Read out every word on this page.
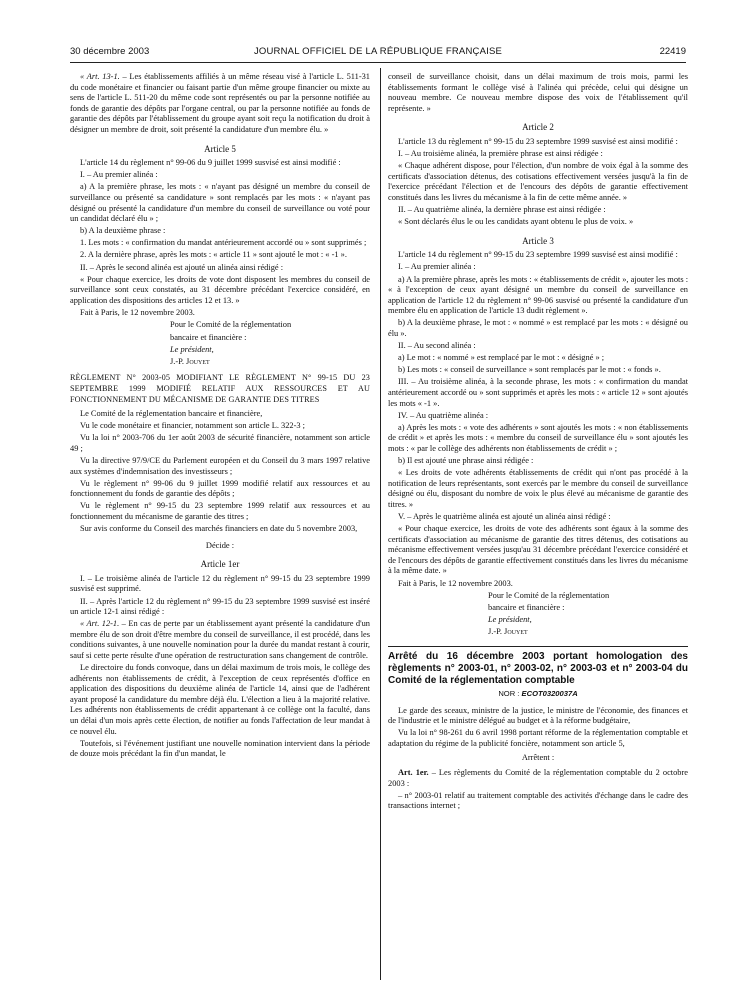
30 décembre 2003	JOURNAL OFFICIEL DE LA RÉPUBLIQUE FRANÇAISE	22419

« Art. 13-1. – Les établissements affiliés à un même réseau visé à l'article L. 511-31 du code monétaire et financier ou faisant partie d'un même groupe financier ou mixte au sens de l'article L. 511-20 du même code sont représentés ou par la personne notifiée au fonds de garantie des dépôts par l'organe central, ou par la personne notifiée au fonds de garantie des dépôts par l'établissement du groupe ayant soit reçu la notification du droit à désigner un membre de droit, soit présenté la candidature d'un membre élu. »

Article 5

L'article 14 du règlement n° 99-06 du 9 juillet 1999 susvisé est ainsi modifié :

I. – Au premier alinéa :

a) A la première phrase, les mots : « n'ayant pas désigné un membre du conseil de surveillance ou présenté sa candidature » sont remplacés par les mots : « n'ayant pas désigné ou présenté la candidature d'un membre du conseil de surveillance ou voté pour un candidat déclaré élu » ;

b) A la deuxième phrase :

1. Les mots : « confirmation du mandat antérieurement accordé ou » sont supprimés ;

2. A la dernière phrase, après les mots : « article 11 » sont ajouté le mot : « -1 ».

II. – Après le second alinéa est ajouté un alinéa ainsi rédigé :

« Pour chaque exercice, les droits de vote dont disposent les membres du conseil de surveillance sont ceux constatés, au 31 décembre précédant l'exercice considéré, en application des dispositions des articles 12 et 13. »

Fait à Paris, le 12 novembre 2003.

Pour le Comité de la réglementation

bancaire et financière :

Le président,

J.-P. Jouyet

RÈGLEMENT N° 2003-05 MODIFIANT LE RÈGLEMENT N° 99-15 DU 23 SEPTEMBRE 1999 MODIFIÉ RELATIF AUX RESSOURCES ET AU FONCTIONNEMENT DU MÉCANISME DE GARANTIE DES TITRES

Le Comité de la réglementation bancaire et financière,

Vu le code monétaire et financier, notamment son article L. 322-3 ;

Vu la loi n° 2003-706 du 1er août 2003 de sécurité financière, notamment son article 49 ;

Vu la directive 97/9/CE du Parlement européen et du Conseil du 3 mars 1997 relative aux systèmes d'indemnisation des investisseurs ;

Vu le règlement n° 99-06 du 9 juillet 1999 modifié relatif aux ressources et au fonctionnement du fonds de garantie des dépôts ;

Vu le règlement n° 99-15 du 23 septembre 1999 relatif aux ressources et au fonctionnement du mécanisme de garantie des titres ;

Sur avis conforme du Conseil des marchés financiers en date du 5 novembre 2003,

Décide :
Article 1er

I. – Le troisième alinéa de l'article 12 du règlement n° 99-15 du 23 septembre 1999 susvisé est supprimé.

II. – Après l'article 12 du règlement n° 99-15 du 23 septembre 1999 susvisé est inséré un article 12-1 ainsi rédigé :

« Art. 12-1. – En cas de perte par un établissement ayant présenté la candidature d'un membre élu de son droit d'être membre du conseil de surveillance, il est procédé, dans les conditions suivantes, à une nouvelle nomination pour la durée du mandat restant à courir, sauf si cette perte résulte d'une opération de restructuration sans changement de contrôle.

Le directoire du fonds convoque, dans un délai maximum de trois mois, le collège des adhérents non établissements de crédit, à l'exception de ceux représentés d'office en application des dispositions du deuxième alinéa de l'article 14, ainsi que de l'adhérent ayant proposé la candidature du membre déjà élu. L'élection a lieu à la majorité relative. Les adhérents non établissements de crédit appartenant à ce collège ont la faculté, dans un délai d'un mois après cette élection, de notifier au fonds l'affectation de leur mandat à ce nouvel élu.

Toutefois, si l'événement justifiant une nouvelle nomination intervient dans la période de douze mois précédant la fin d'un mandat, le

conseil de surveillance choisit, dans un délai maximum de trois mois, parmi les établissements formant le collège visé à l'alinéa qui précède, celui qui désigne un nouveau membre. Ce nouveau membre dispose des voix de l'établissement qu'il représente. »

Article 2

L'article 13 du règlement n° 99-15 du 23 septembre 1999 susvisé est ainsi modifié :

I. – Au troisième alinéa, la première phrase est ainsi rédigée :

« Chaque adhérent dispose, pour l'élection, d'un nombre de voix égal à la somme des certificats d'association détenus, des cotisations effectivement versées jusqu'à la fin de l'exercice précédant l'élection et de l'encours des dépôts de garantie effectivement constitués dans les livres du mécanisme à la fin de cette même année. »

II. – Au quatrième alinéa, la dernière phrase est ainsi rédigée :

« Sont déclarés élus le ou les candidats ayant obtenu le plus de voix. »

Article 3

L'article 14 du règlement n° 99-15 du 23 septembre 1999 susvisé est ainsi modifié :

I. – Au premier alinéa :

a) A la première phrase, après les mots : « établissements de crédit », ajouter les mots : « à l'exception de ceux ayant désigné un membre du conseil de surveillance en application de l'article 12 du règlement n° 99-06 susvisé ou présenté la candidature d'un membre élu en application de l'article 13 dudit règlement ».

b) A la deuxième phrase, le mot : « nommé » est remplacé par les mots : « désigné ou élu ».

II. – Au second alinéa :

a) Le mot : « nommé » est remplacé par le mot : « désigné » ;

b) Les mots : « conseil de surveillance » sont remplacés par le mot : « fonds ».

III. – Au troisième alinéa, à la seconde phrase, les mots : « confirmation du mandat antérieurement accordé ou » sont supprimés et après les mots : « article 12 » sont ajoutés les mots « -1 ».

IV. – Au quatrième alinéa :

a) Après les mots : « vote des adhérents » sont ajoutés les mots : « non établissements de crédit » et après les mots : « membre du conseil de surveillance élu » sont ajoutés les mots : « par le collège des adhérents non établissements de crédit » ;

b) Il est ajouté une phrase ainsi rédigée :

« Les droits de vote adhérents établissements de crédit qui n'ont pas procédé à la notification de leurs représentants, sont exercés par le membre du conseil de surveillance désigné ou élu, disposant du nombre de voix le plus élevé au mécanisme de garantie des titres. »

V. – Après le quatrième alinéa est ajouté un alinéa ainsi rédigé :

« Pour chaque exercice, les droits de vote des adhérents sont égaux à la somme des certificats d'association au mécanisme de garantie des titres détenus, des cotisations au mécanisme effectivement versées jusqu'au 31 décembre précédant l'exercice considéré et de l'encours des dépôts de garantie effectivement constitués dans les livres du mécanisme à la même date. »

Fait à Paris, le 12 novembre 2003.

Pour le Comité de la réglementation

bancaire et financière :

Le président,

J.-P. Jouyet

Arrêté du 16 décembre 2003 portant homologation des règlements n° 2003-01, n° 2003-02, n° 2003-03 et n° 2003-04 du Comité de la réglementation comptable
NOR : ECOT0320037A

Le garde des sceaux, ministre de la justice, le ministre de l'économie, des finances et de l'industrie et le ministre délégué au budget et à la réforme budgétaire,

Vu la loi n° 98-261 du 6 avril 1998 portant réforme de la réglementation comptable et adaptation du régime de la publicité foncière, notamment son article 5,

Arrêtent :

Art. 1er. – Les règlements du Comité de la réglementation comptable du 2 octobre 2003 :

– n° 2003-01 relatif au traitement comptable des activités d'échange dans le cadre des transactions internet ;
